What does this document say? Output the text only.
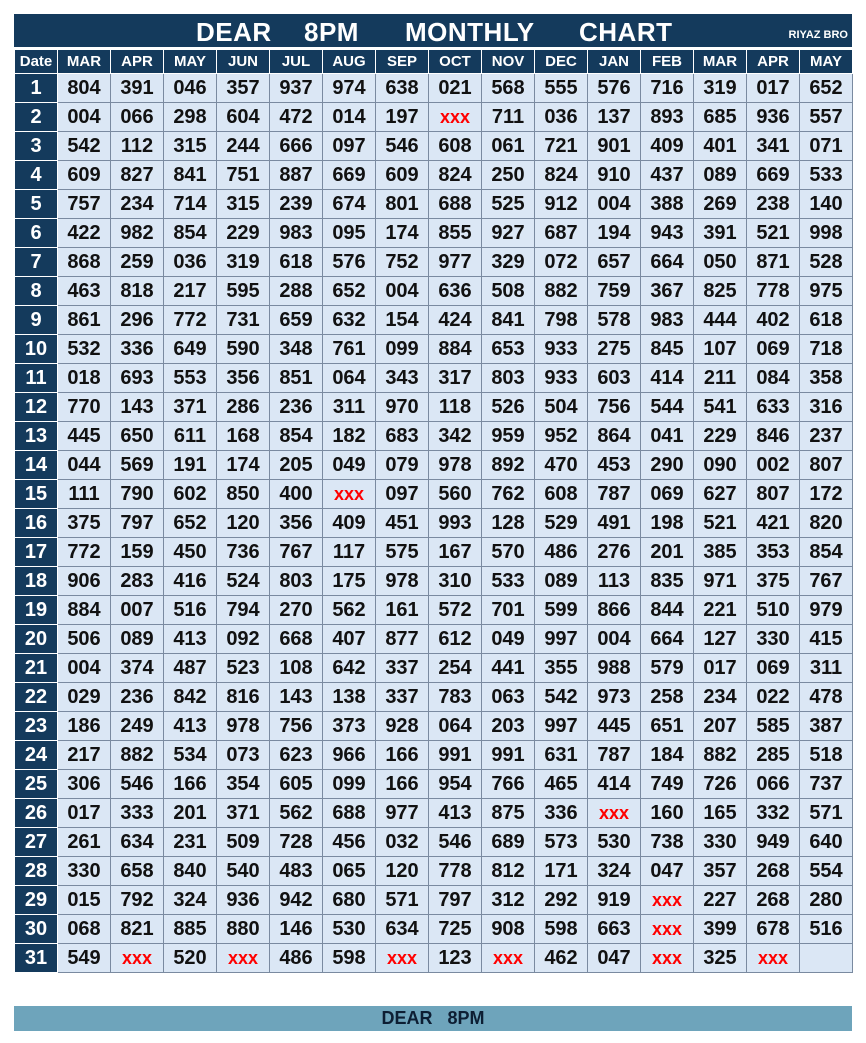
DEAR 8PM MONTHLY CHART	RIYAZ BRO
Date	MAR	APR	MAY	JUN	JUL	AUG	SEP	OCT	NOV	DEC	JAN	FEB	MAR	APR	MAY
1	804	391	046	357	937	974	638	021	568	555	576	716	319	017	652
2	004	066	298	604	472	014	197	xxx	711	036	137	893	685	936	557
3	542	112	315	244	666	097	546	608	061	721	901	409	401	341	071
4	609	827	841	751	887	669	609	824	250	824	910	437	089	669	533
5	757	234	714	315	239	674	801	688	525	912	004	388	269	238	140
6	422	982	854	229	983	095	174	855	927	687	194	943	391	521	998
7	868	259	036	319	618	576	752	977	329	072	657	664	050	871	528
8	463	818	217	595	288	652	004	636	508	882	759	367	825	778	975
9	861	296	772	731	659	632	154	424	841	798	578	983	444	402	618
10	532	336	649	590	348	761	099	884	653	933	275	845	107	069	718
11	018	693	553	356	851	064	343	317	803	933	603	414	211	084	358
12	770	143	371	286	236	311	970	118	526	504	756	544	541	633	316
13	445	650	611	168	854	182	683	342	959	952	864	041	229	846	237
14	044	569	191	174	205	049	079	978	892	470	453	290	090	002	807
15	111	790	602	850	400	xxx	097	560	762	608	787	069	627	807	172
16	375	797	652	120	356	409	451	993	128	529	491	198	521	421	820
17	772	159	450	736	767	117	575	167	570	486	276	201	385	353	854
18	906	283	416	524	803	175	978	310	533	089	113	835	971	375	767
19	884	007	516	794	270	562	161	572	701	599	866	844	221	510	979
20	506	089	413	092	668	407	877	612	049	997	004	664	127	330	415
21	004	374	487	523	108	642	337	254	441	355	988	579	017	069	311
22	029	236	842	816	143	138	337	783	063	542	973	258	234	022	478
23	186	249	413	978	756	373	928	064	203	997	445	651	207	585	387
24	217	882	534	073	623	966	166	991	991	631	787	184	882	285	518
25	306	546	166	354	605	099	166	954	766	465	414	749	726	066	737
26	017	333	201	371	562	688	977	413	875	336	xxx	160	165	332	571
27	261	634	231	509	728	456	032	546	689	573	530	738	330	949	640
28	330	658	840	540	483	065	120	778	812	171	324	047	357	268	554
29	015	792	324	936	942	680	571	797	312	292	919	xxx	227	268	280
30	068	821	885	880	146	530	634	725	908	598	663	xxx	399	678	516
31	549	xxx	520	xxx	486	598	xxx	123	xxx	462	047	xxx	325	xxx	
DEAR   8PM
